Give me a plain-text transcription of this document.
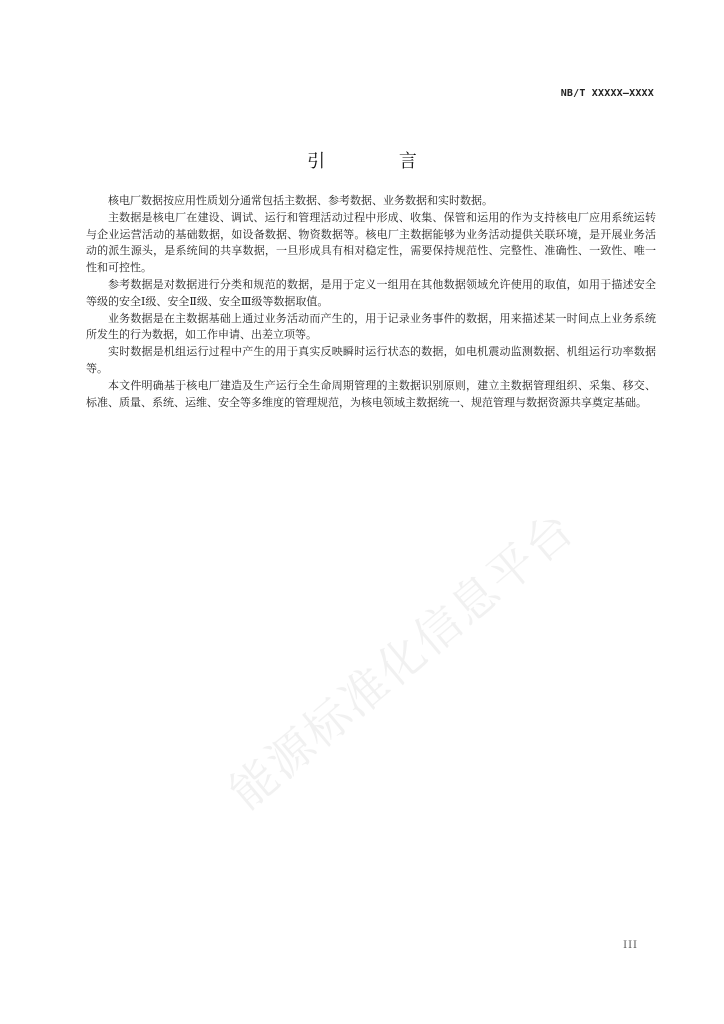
NB/T XXXXX—XXXX
引 言

核电厂数据按应用性质划分通常包括主数据、参考数据、业务数据和实时数据。

主数据是核电厂在建设、调试、运行和管理活动过程中形成、收集、保管和运用的作为支持核电厂应用系统运转与企业运营活动的基础数据，如设备数据、物资数据等。核电厂主数据能够为业务活动提供关联环境，是开展业务活动的派生源头，是系统间的共享数据，一旦形成具有相对稳定性，需要保持规范性、完整性、准确性、一致性、唯一性和可控性。

参考数据是对数据进行分类和规范的数据，是用于定义一组用在其他数据领域允许使用的取值，如用于描述安全等级的安全Ⅰ级、安全Ⅱ级、安全Ⅲ级等数据取值。

业务数据是在主数据基础上通过业务活动而产生的，用于记录业务事件的数据，用来描述某一时间点上业务系统所发生的行为数据，如工作申请、出差立项等。

实时数据是机组运行过程中产生的用于真实反映瞬时运行状态的数据，如电机震动监测数据、机组运行功率数据等。

本文件明确基于核电厂建造及生产运行全生命周期管理的主数据识别原则，建立主数据管理组织、采集、移交、标准、质量、系统、运维、安全等多维度的管理规范，为核电领域主数据统一、规范管理与数据资源共享奠定基础。

能源标准化信息平台
III
